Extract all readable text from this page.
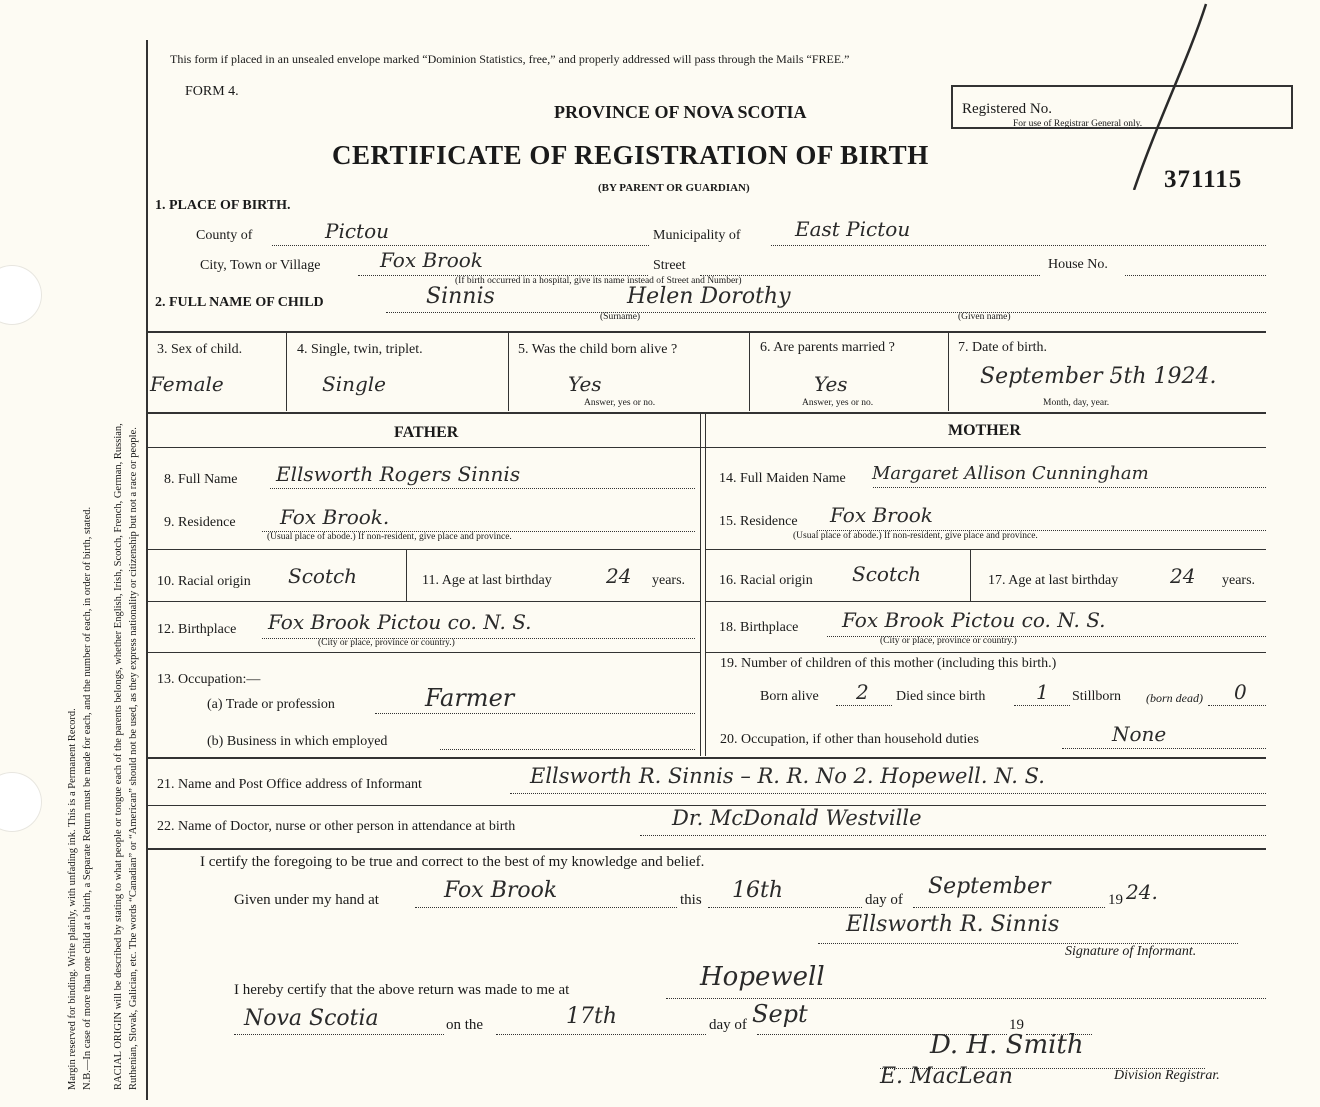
Margin reserved for binding. Write plainly, with unfading ink. This is a Permanent Record. N.B.—In case of more than one child at a birth, a Separate Return must be made for each, and the number of each, in order of birth, stated. RACIAL ORIGIN will be described by stating to what people or tongue each of the parents belongs, whether English, Irish, Scotch, French, German, Russian, Ruthenian, Slovak, Galician, etc. The words “Canadian” or “American” should not be used, as they express nationality or citizenship but not a race or people.
This form if placed in an unsealed envelope marked “Dominion Statistics, free,” and properly addressed will pass through the Mails “FREE.”
FORM 4.
PROVINCE OF NOVA SCOTIA
CERTIFICATE OF REGISTRATION OF BIRTH
(BY PARENT OR GUARDIAN)
Registered No.
For use of Registrar General only.
371115
1. PLACE OF BIRTH.
County of	Pictou	Municipality of	East Pictou
City, Town or Village	Fox Brook	Street	House No.
(If birth occurred in a hospital, give its name instead of Street and Number)
2. FULL NAME OF CHILD	Sinnis	Helen Dorothy
(Surname)	(Given name)
3. Sex of child.
Female
4. Single, twin, triplet.
Single
5. Was the child born alive ?
Yes
Answer, yes or no.
6. Are parents married ?
Yes
Answer, yes or no.
7. Date of birth.
September 5th 1924.
Month, day, year.
FATHER	MOTHER
8. Full Name Ellsworth Rogers Sinnis
9. Residence Fox Brook.
(Usual place of abode.) If non-resident, give place and province.
10. Racial origin Scotch	11. Age at last birthday	24 years.
12. Birthplace Fox Brook Pictou co. N. S.
(City or place, province or country.)
13. Occupation:—
(a) Trade or profession	Farmer
(b) Business in which employed
14. Full Maiden Name Margaret Allison Cunningham
15. Residence Fox Brook
(Usual place of abode.) If non-resident, give place and province.
16. Racial origin Scotch	17. Age at last birthday	24 years.
18. Birthplace Fox Brook Pictou co. N. S.
(City or place, province or country.)
19. Number of children of this mother (including this birth.)
Born alive 2 Died since birth	1 Stillborn (born dead) 0
20. Occupation, if other than household duties	None
21. Name and Post Office address of Informant	Ellsworth R. Sinnis – R. R. No 2. Hopewell. N. S.
22. Name of Doctor, nurse or other person in attendance at birth	Dr. McDonald Westville
I certify the foregoing to be true and correct to the best of my knowledge and belief.
Given under my hand at	Fox Brook	this 16th	day of
September
19 24.
Ellsworth R. Sinnis
Signature of Informant.
I hereby certify that the above return was made to me at	Hopewell
Nova Scotia	on the	17th	day of Sept	19
D. H. Smith
E. MacLean	Division Registrar.
